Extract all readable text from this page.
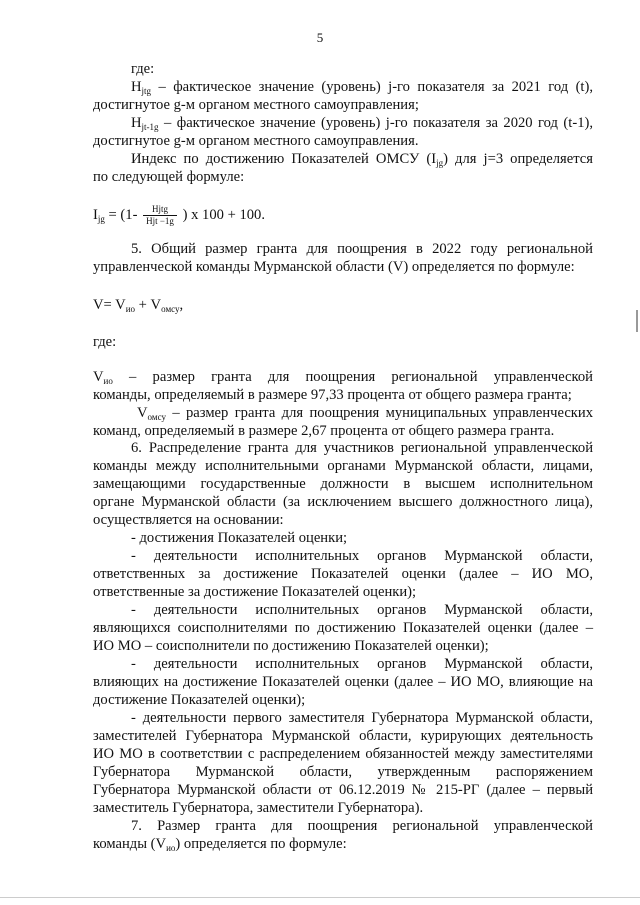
5
где:
$H_{jtg}$ – фактическое значение (уровень) j-го показателя за 2021 год (t),
достигнутое g-м органом местного самоуправления;
$H_{jt-1g}$ – фактическое значение (уровень) j-го показателя за 2020 год (t-1),
достигнутое g-м органом местного самоуправления.
Индекс по достижению Показателей ОМСУ $(I_{jg})$ для j=3 определяется
по следующей формуле:
$I_{jg} = (1- \frac{\text{Hjtg}}{\text{Hjt −1g}}$ ) х 100 + 100.
5. Общий размер гранта для поощрения в 2022 году региональной
управленческой команды Мурманской области (V) определяется по формуле:
$V= V_{ио} + V_{омсу}$,
где:
$V_{ио}$ – размер гранта для поощрения региональной управленческой
команды, определяемый в размере 97,33 процента от общего размера гранта;
$V_{омсу}$ – размер гранта для поощрения муниципальных управленческих
команд, определяемый в размере 2,67 процента от общего размера гранта.
6. Распределение гранта для участников региональной управленческой
команды между исполнительными органами Мурманской области, лицами,
замещающими государственные должности в высшем исполнительном
органе Мурманской области (за исключением высшего должностного лица),
осуществляется на основании:
- достижения Показателей оценки;
- деятельности исполнительных органов Мурманской области,
ответственных за достижение Показателей оценки (далее – ИО МО,
ответственные за достижение Показателей оценки);
- деятельности исполнительных органов Мурманской области,
являющихся соисполнителями по достижению Показателей оценки (далее –
ИО МО – соисполнители по достижению Показателей оценки);
- деятельности исполнительных органов Мурманской области,
влияющих на достижение Показателей оценки (далее – ИО МО, влияющие на
достижение Показателей оценки);
- деятельности первого заместителя Губернатора Мурманской области,
заместителей Губернатора Мурманской области, курирующих деятельность
ИО МО в соответствии с распределением обязанностей между заместителями
Губернатора Мурманской области, утвержденным распоряжением
Губернатора Мурманской области от 06.12.2019 № 215-РГ (далее – первый
заместитель Губернатора, заместители Губернатора).
7. Размер гранта для поощрения региональной управленческой
команды $(V_{ио})$ определяется по формуле:
